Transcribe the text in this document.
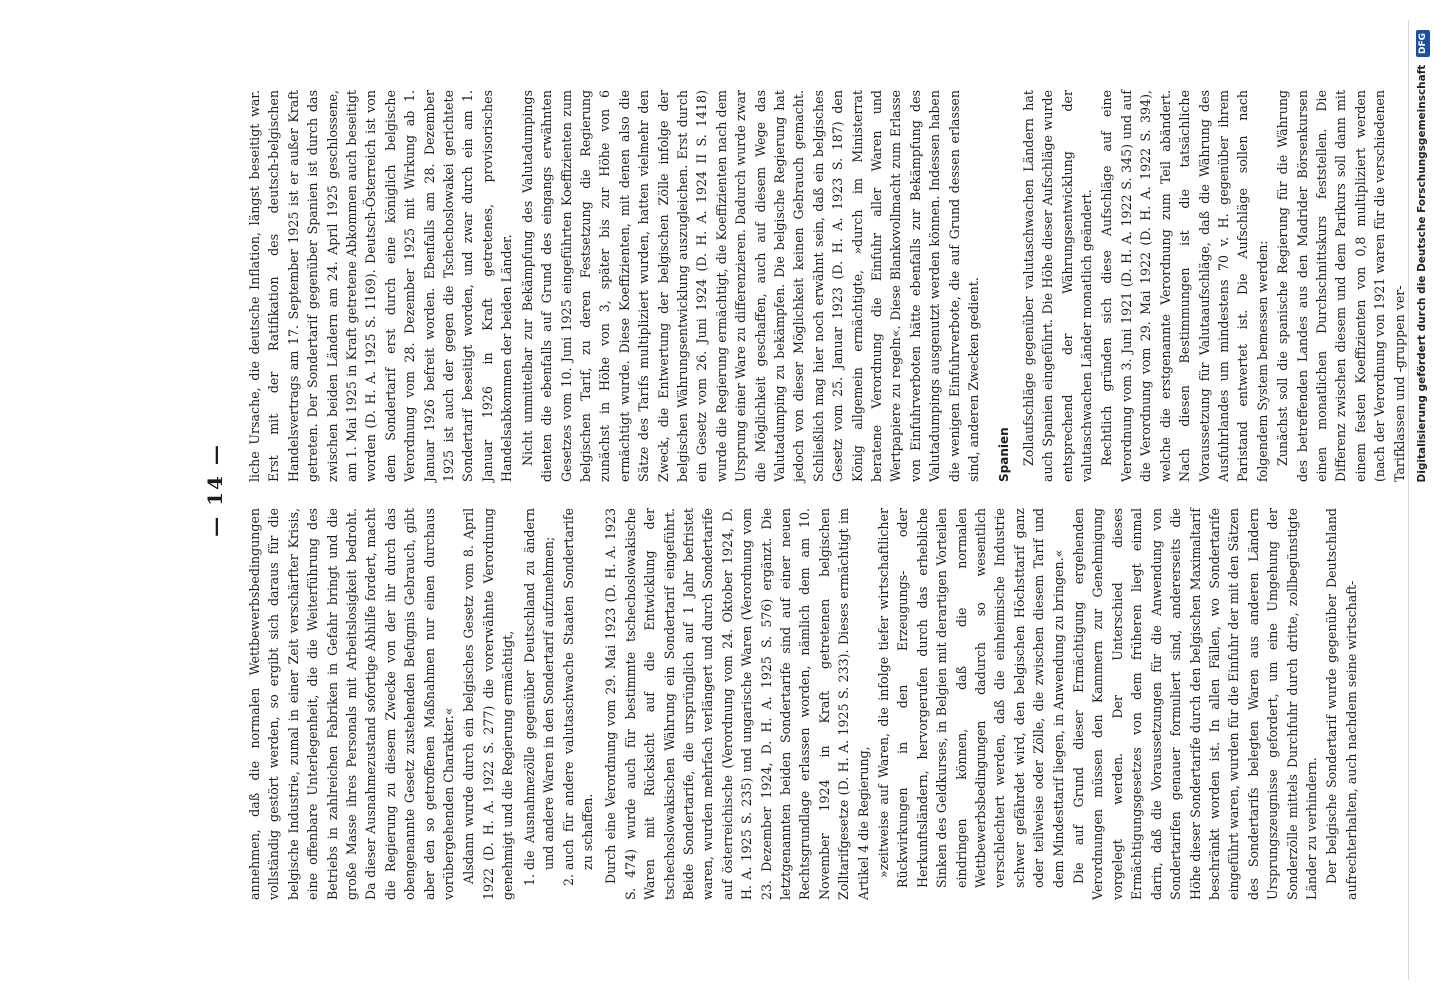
— 14 —

annehmen, daß die normalen Wettbewerbsbedingungen vollständig gestört werden, so ergibt sich daraus für die belgische Industrie, zumal in einer Zeit verschärfter Krisis, eine offenbare Unterlegenheit, die die Weiterführung des Betriebs in zahlreichen Fabriken in Gefahr bringt und die große Masse ihres Personals mit Arbeitslosigkeit bedroht. Da dieser Ausnahmezustand sofortige Abhilfe fordert, macht die Regierung zu diesem Zwecke von der ihr durch das obengenannte Gesetz zustehenden Befugnis Gebrauch, gibt aber den so getroffenen Maßnahmen nur einen durchaus vorübergehenden Charakter.« Alsdann wurde durch ein belgisches Gesetz vom 8. April 1922 (D. H. A. 1922 S. 277) die vorerwähnte Verordnung genehmigt und die Regierung ermächtigt, 1. die Ausnahmezölle gegenüber Deutschland zu ändern und andere Waren in den Sondertarif aufzunehmen; 2. auch für andere valutaschwache Staaten Sondertarife zu schaffen. Durch eine Verordnung vom 29. Mai 1923 (D. H. A. 1923 S. 474) wurde auch für bestimmte tschechoslowakische Waren mit Rücksicht auf die Entwicklung der tschechoslowakischen Währung ein Sondertarif eingeführt. Beide Sondertarife, die ursprünglich auf 1 Jahr befristet waren, wurden mehrfach verlängert und durch Sondertarife auf österreichische (Verordnung vom 24. Oktober 1924, D. H. A. 1925 S. 235) und ungarische Waren (Verordnung vom 23. Dezember 1924, D. H. A. 1925 S. 576) ergänzt. Die letztgenannten beiden Sondertarife sind auf einer neuen Rechtsgrundlage erlassen worden, nämlich dem am 10. November 1924 in Kraft getretenen belgischen Zolltarifgesetze (D. H. A. 1925 S. 233). Dieses ermächtigt im Artikel 4 die Regierung, »zeitweise auf Waren, die infolge tiefer wirtschaftlicher Rückwirkungen in den Erzeugungs- oder Herkunftsländern, hervorgerufen durch das erhebliche Sinken des Geldkurses, in Belgien mit derartigen Vorteilen eindringen können, daß die normalen Wettbewerbsbedingungen dadurch so wesentlich verschlechtert werden, daß die einheimische Industrie schwer gefährdet wird, den belgischen Höchsttarif ganz oder teilweise oder Zölle, die zwischen diesem Tarif und dem Mindesttarif liegen, in Anwendung zu bringen.« Die auf Grund dieser Ermächtigung ergehenden Verordnungen müssen den Kammern zur Genehmigung vorgelegt werden. Der Unterschied dieses Ermächtigungsgesetzes von dem früheren liegt einmal darin, daß die Voraussetzungen für die Anwendung von Sondertarifen genauer formuliert sind, andererseits die Höhe dieser Sondertarife durch den belgischen Maximaltarif beschränkt worden ist. In allen Fällen, wo Sondertarife eingeführt waren, wurden für die Einfuhr der mit den Sätzen des Sondertarifs belegten Waren aus anderen Ländern Ursprungszeugnisse gefordert, um eine Umgehung der Sonderzölle mittels Durchfuhr durch dritte, zollbegünstigte Länder zu verhindern. Der belgische Sondertarif wurde gegenüber Deutschland aufrechterhalten, auch nachdem seine wirtschaft-

liche Ursache, die deutsche Inflation, längst beseitigt war. Erst mit der Ratifikation des deutsch-belgischen Handelsvertrags am 17. September 1925 ist er außer Kraft getreten. Der Sondertarif gegenüber Spanien ist durch das zwischen beiden Ländern am 24. April 1925 geschlossene, am 1. Mai 1925 in Kraft getretene Abkommen auch beseitigt worden (D. H. A. 1925 S. 1169). Deutsch-Österreich ist von dem Sondertarif erst durch eine königlich belgische Verordnung vom 28. Dezember 1925 mit Wirkung ab 1. Januar 1926 befreit worden. Ebenfalls am 28. Dezember 1925 ist auch der gegen die Tschechoslowakei gerichtete Sondertarif beseitigt worden, und zwar durch ein am 1. Januar 1926 in Kraft getretenes, provisorisches Handelsabkommen der beiden Länder. Nicht unmittelbar zur Bekämpfung des Valutadumpings dienten die ebenfalls auf Grund des eingangs erwähnten Gesetzes vom 10. Juni 1925 eingeführten Koeffizienten zum belgischen Tarif, zu deren Festsetzung die Regierung zunächst in Höhe von 3, später bis zur Höhe von 6 ermächtigt wurde. Diese Koeffizienten, mit denen also die Sätze des Tarifs multipliziert wurden, hatten vielmehr den Zweck, die Entwertung der belgischen Zölle infolge der belgischen Währungsentwicklung auszugleichen. Erst durch ein Gesetz vom 26. Juni 1924 (D. H. A. 1924 II S. 1418) wurde die Regierung ermächtigt, die Koeffizienten nach dem Ursprung einer Ware zu differenzieren. Dadurch wurde zwar die Möglichkeit geschaffen, auch auf diesem Wege das Valutadumping zu bekämpfen. Die belgische Regierung hat jedoch von dieser Möglichkeit keinen Gebrauch gemacht. Schließlich mag hier noch erwähnt sein, daß ein belgisches Gesetz vom 25. Januar 1923 (D. H. A. 1923 S. 187) den König allgemein ermächtigte, »durch im Ministerrat beratene Verordnung die Einfuhr aller Waren und Wertpapiere zu regeln«. Diese Blankovollmacht zum Erlasse von Einfuhrverboten hätte ebenfalls zur Bekämpfung des Valutadumpings ausgenutzt werden können. Indessen haben die wenigen Einfuhrverbote, die auf Grund dessen erlassen sind, anderen Zwecken gedient. Spanien Zollaufschläge gegenüber valutaschwachen Ländern hat auch Spanien eingeführt. Die Höhe dieser Aufschläge wurde entsprechend der Währungsentwicklung der valutaschwachen Länder monatlich geändert. Rechtlich gründen sich diese Aufschläge auf eine Verordnung vom 3. Juni 1921 (D. H. A. 1922 S. 345) und auf die Verordnung vom 29. Mai 1922 (D. H. A. 1922 S. 394), welche die erstgenannte Verordnung zum Teil abändert. Nach diesen Bestimmungen ist die tatsächliche Voraussetzung für Valutaaufschläge, daß die Währung des Ausfuhrlandes um mindestens 70 v. H. gegenüber ihrem Paristand entwertet ist. Die Aufschläge sollen nach folgendem System bemessen werden: Zunächst soll die spanische Regierung für die Währung des betreffenden Landes aus den Madrider Börsenkursen einen monatlichen Durchschnittskurs feststellen. Die Differenz zwischen diesem und dem Parikurs soll dann mit einem festen Koeffizienten von 0,8 multipliziert werden (nach der Verordnung von 1921 waren für die verschiedenen Tarifklassen und -gruppen ver- Digitalisierung gefördert durch die Deutsche Forschungsgemeinschaft DFG
